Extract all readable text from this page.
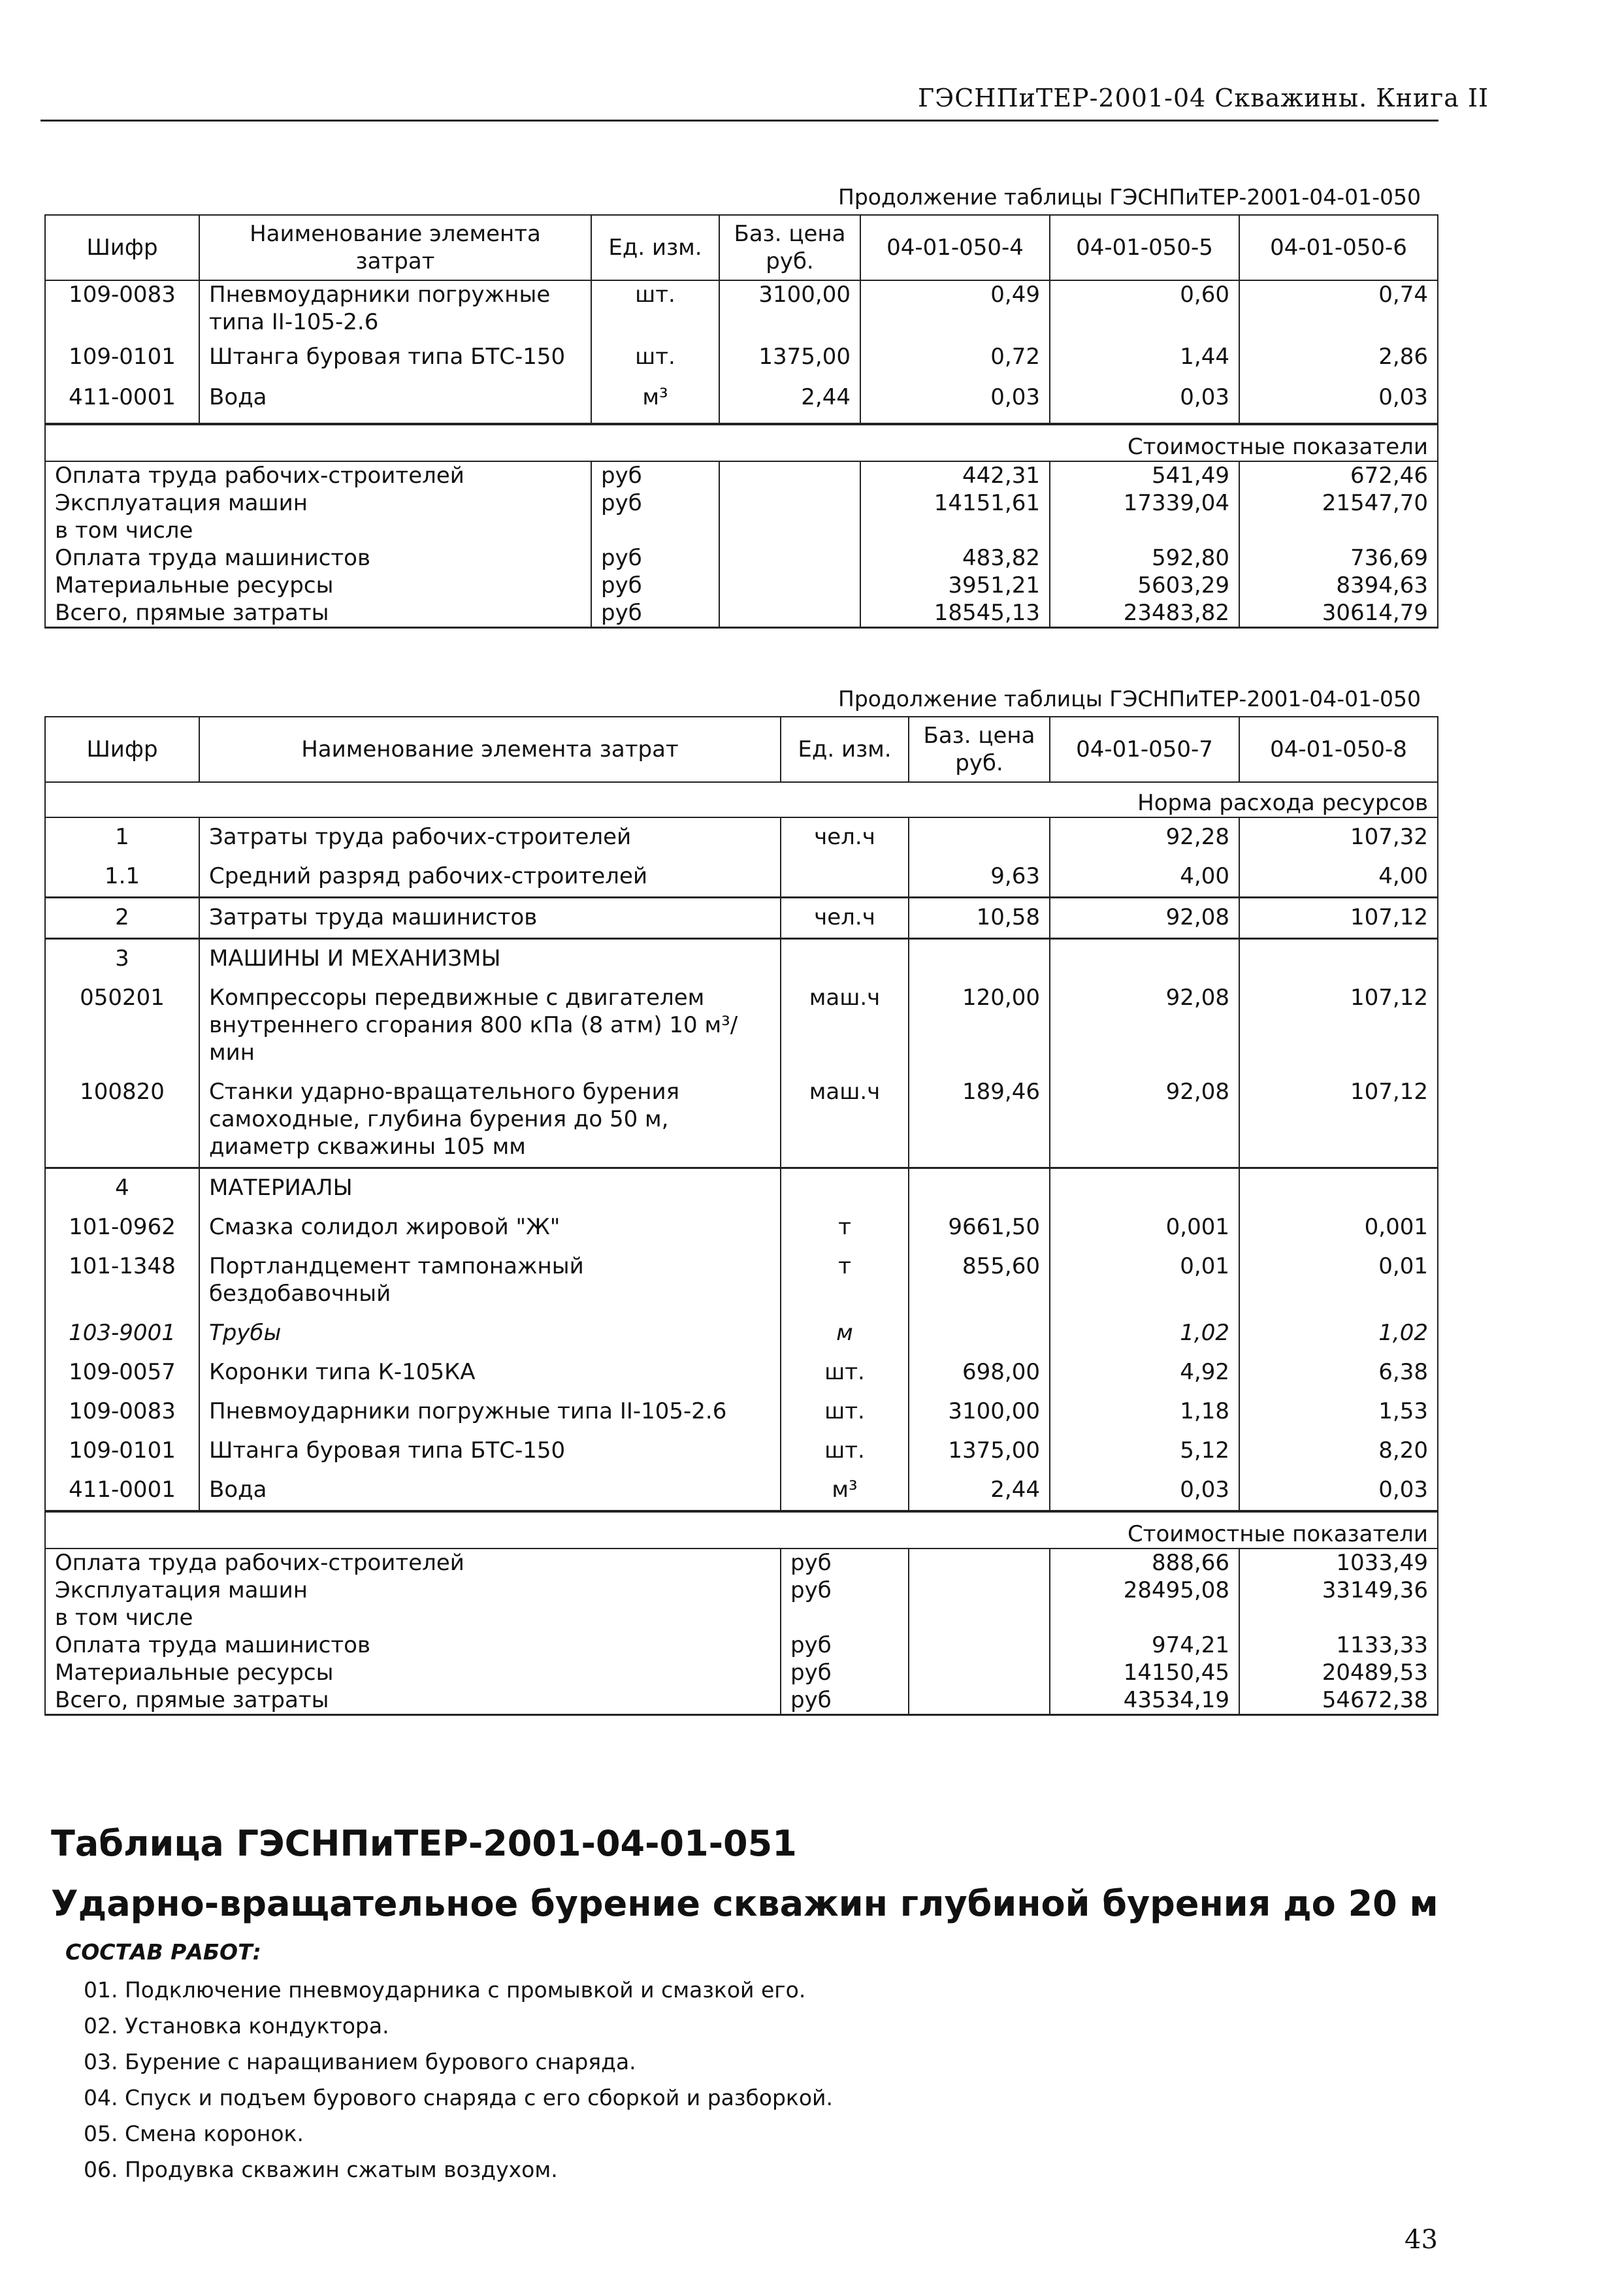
ГЭСНПиТЕР-2001-04 Скважины. Книга II
Продолжение таблицы ГЭСНПиТЕР-2001-04-01-050
Шифр	Наименование элемента затрат	Ед. изм.	Баз. цена руб.	04-01-050-4	04-01-050-5	04-01-050-6
109-0083	Пневмоударники погружные типа II-105-2.6	шт.	3100,00	0,49	0,60	0,74
109-0101	Штанга буровая типа БТС-150	шт.	1375,00	0,72	1,44	2,86
411-0001	Вода	м³	2,44	0,03	0,03	0,03
Стоимостные показатели						
Оплата труда рабочих-строителей		руб		442,31	541,49	672,46
Эксплуатация машин		руб		14151,61	17339,04	21547,70
в том числе						
Оплата труда машинистов		руб		483,82	592,80	736,69
Материальные ресурсы		руб		3951,21	5603,29	8394,63
Всего, прямые затраты		руб		18545,13	23483,82	30614,79
Продолжение таблицы ГЭСНПиТЕР-2001-04-01-050
Шифр	Наименование элемента затрат	Ед. изм.	Баз. цена руб.	04-01-050-7	04-01-050-8
Норма расхода ресурсов					
1	Затраты труда рабочих-строителей	чел.ч		92,28	107,32
1.1	Средний разряд рабочих-строителей		9,63	4,00	4,00
2	Затраты труда машинистов	чел.ч	10,58	92,08	107,12
3	МАШИНЫ И МЕХАНИЗМЫ				
050201	Компрессоры передвижные с двигателем внутреннего сгорания 800 кПа (8 атм) 10 м³/мин	маш.ч	120,00	92,08	107,12
100820	Станки ударно-вращательного бурения самоходные, глубина бурения до 50 м, диаметр скважины 105 мм	маш.ч	189,46	92,08	107,12
4	МАТЕРИАЛЫ				
101-0962	Смазка солидол жировой "Ж"	т	9661,50	0,001	0,001
101-1348	Портландцемент тампонажный бездобавочный	т	855,60	0,01	0,01
103-9001	Трубы	м		1,02	1,02
109-0057	Коронки типа К-105КА	шт.	698,00	4,92	6,38
109-0083	Пневмоударники погружные типа II-105-2.6	шт.	3100,00	1,18	1,53
109-0101	Штанга буровая типа БТС-150	шт.	1375,00	5,12	8,20
411-0001	Вода	м³	2,44	0,03	0,03
Стоимостные показатели					
Оплата труда рабочих-строителей		руб		888,66	1033,49
Эксплуатация машин		руб		28495,08	33149,36
в том числе					
Оплата труда машинистов		руб		974,21	1133,33
Материальные ресурсы		руб		14150,45	20489,53
Всего, прямые затраты		руб		43534,19	54672,38
Таблица ГЭСНПиТЕР-2001-04-01-051
Ударно-вращательное бурение скважин глубиной бурения до 20 м
СОСТАВ РАБОТ:
01. Подключение пневмоударника с промывкой и смазкой его.
02. Установка кондуктора.
03. Бурение с наращиванием бурового снаряда.
04. Спуск и подъем бурового снаряда с его сборкой и разборкой.
05. Смена коронок.
06. Продувка скважин сжатым воздухом.
43
